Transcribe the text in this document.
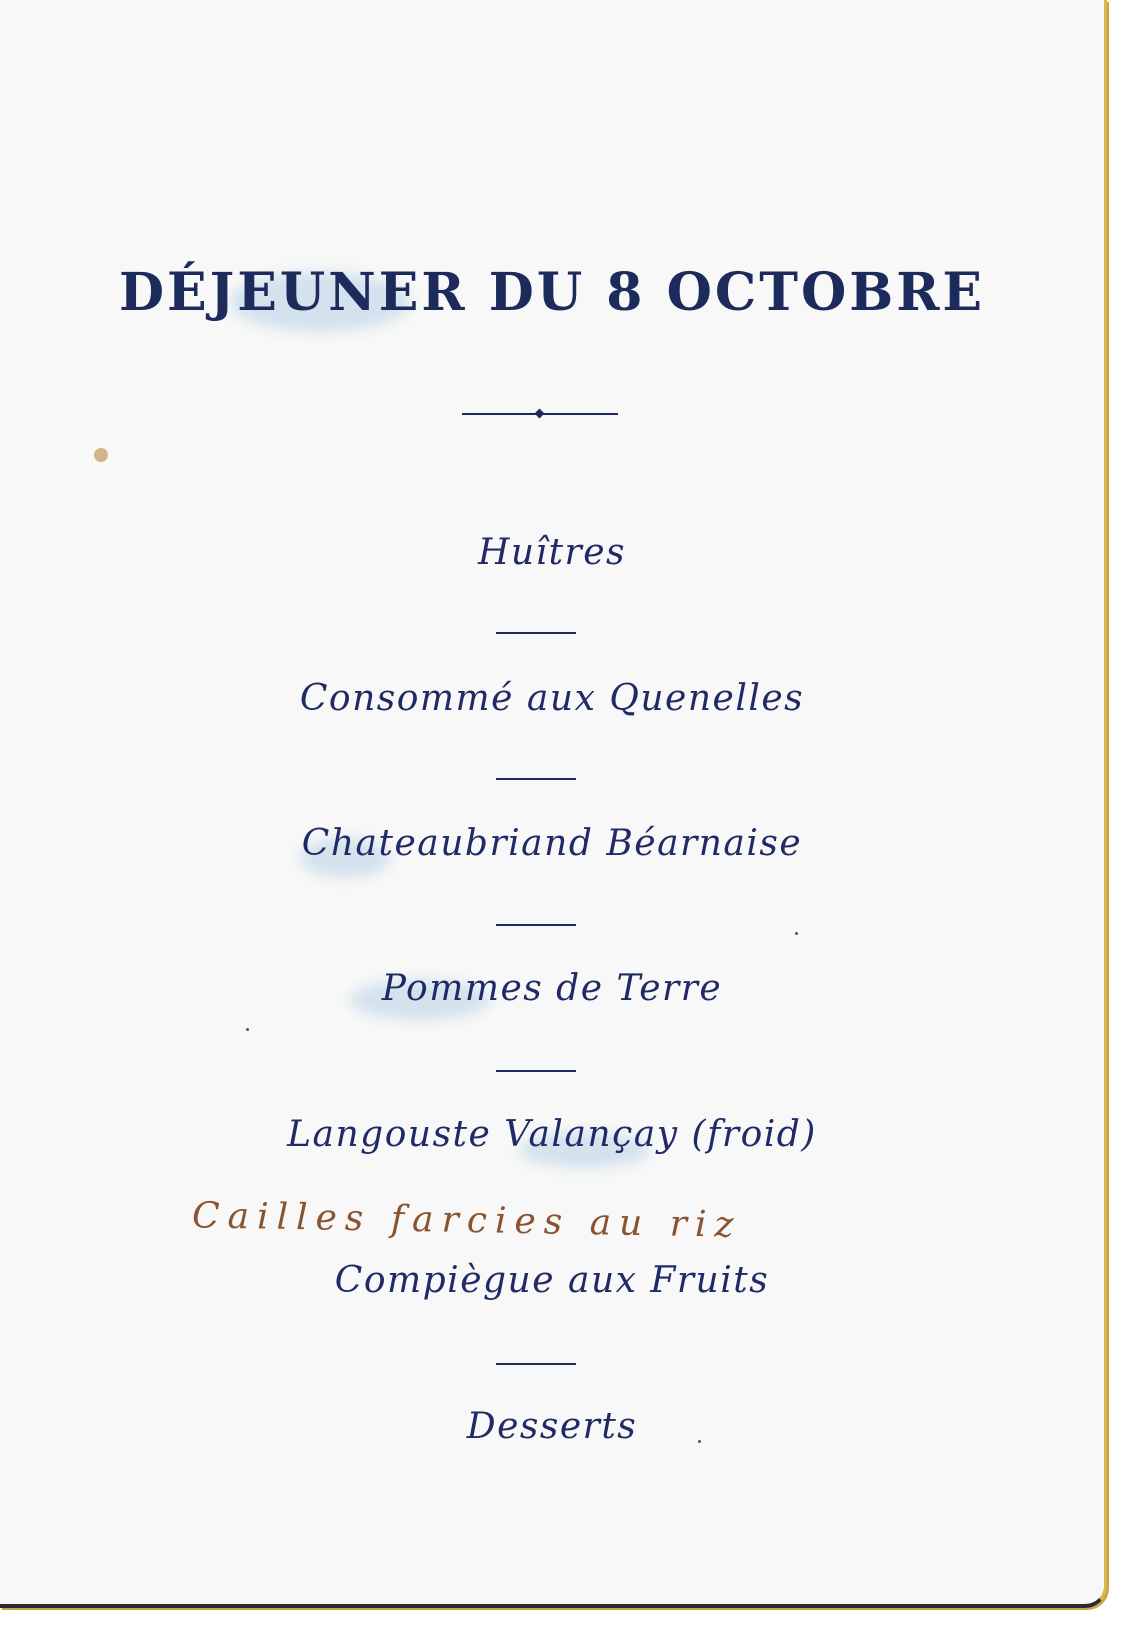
DÉJEUNER DU 8 OCTOBRE
Huîtres
Consommé aux Quenelles
Chateaubriand Béarnaise
Pommes de Terre
Langouste Valançay (froid)
Cailles farcies au riz
Compiègue aux Fruits
Desserts
